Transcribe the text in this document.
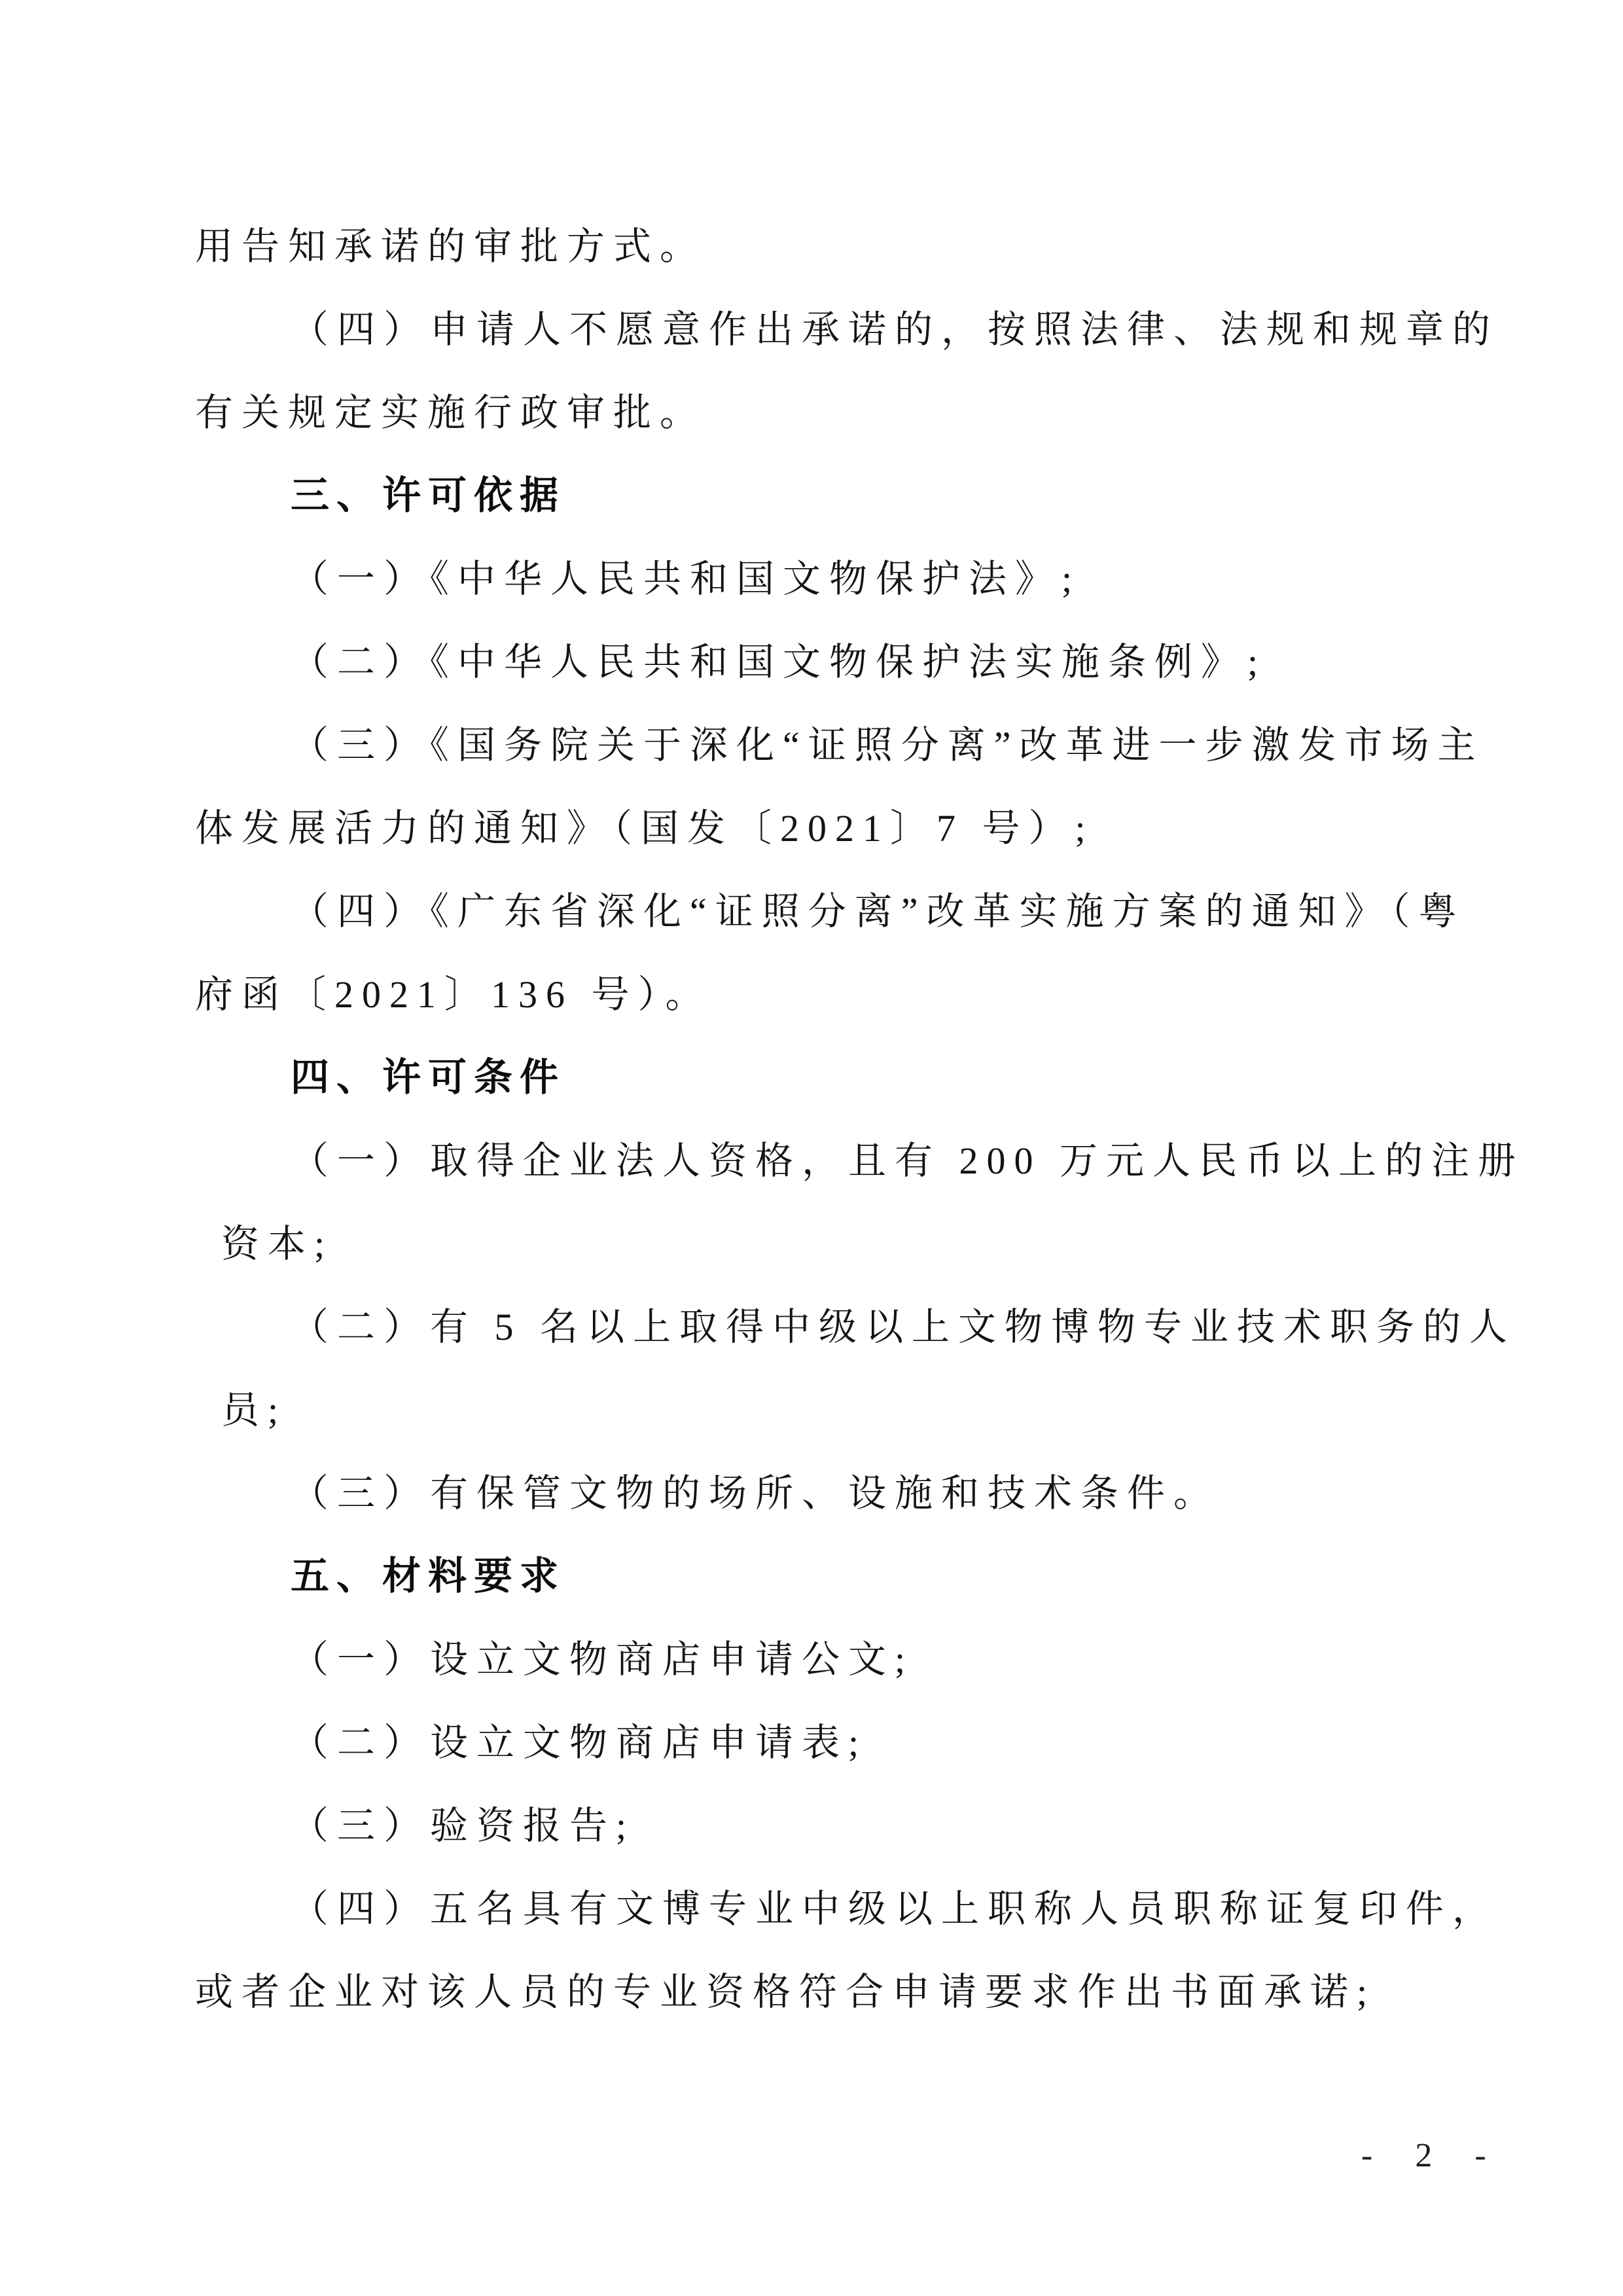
用告知承诺的审批方式。
（四）申请人不愿意作出承诺的，按照法律、法规和规章的
有关规定实施行政审批。
三、许可依据
（一）《中华人民共和国文物保护法》;
（二）《中华人民共和国文物保护法实施条例》;
（三）《国务院关于深化“证照分离”改革进一步激发市场主
体发展活力的通知》（国发〔2021〕7 号）;
（四）《广东省深化“证照分离”改革实施方案的通知》（粤
府函〔2021〕136 号）。
四、许可条件
（一）取得企业法人资格，且有 200 万元人民币以上的注册
资本;
（二）有 5 名以上取得中级以上文物博物专业技术职务的人
员;
（三）有保管文物的场所、设施和技术条件。
五、材料要求
（一）设立文物商店申请公文;
（二）设立文物商店申请表;
（三）验资报告;
（四）五名具有文博专业中级以上职称人员职称证复印件，
或者企业对该人员的专业资格符合申请要求作出书面承诺;
- 2 -
